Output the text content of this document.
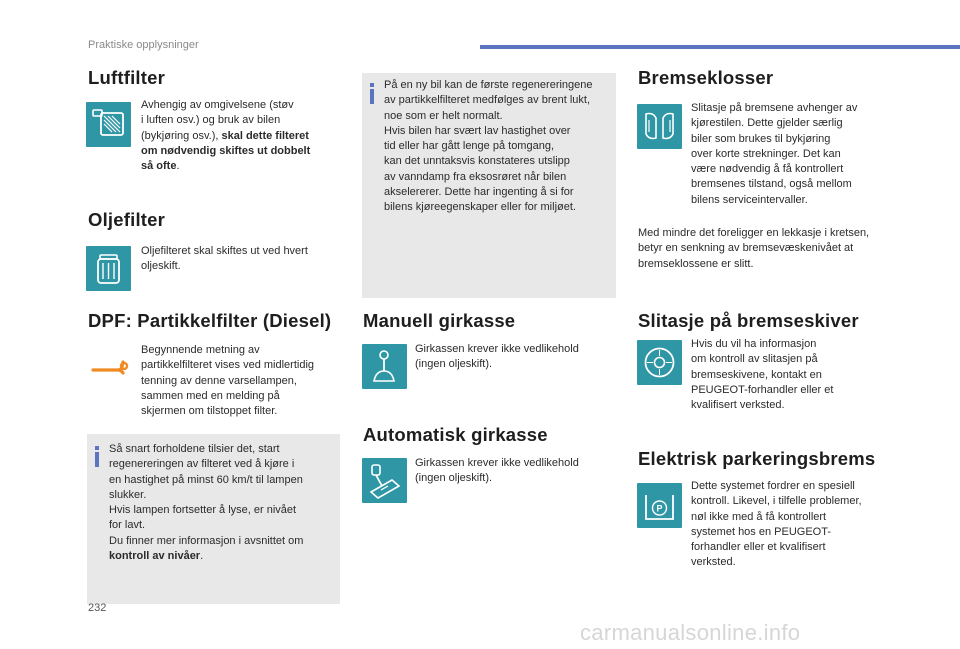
Praktiske opplysninger
Luftfilter
Avhengig av omgivelsene (støv
i luften osv.) og bruk av bilen
(bykjøring osv.), skal dette filteret
om nødvendig skiftes ut dobbelt
så ofte.
Oljefilter
Oljefilteret skal skiftes ut ved hvert
oljeskift.
DPF: Partikkelfilter (Diesel)
Begynnende metning av
partikkelfilteret vises ved midlertidig
tenning av denne varsellampen,
sammen med en melding på
skjermen om tilstoppet filter.
Så snart forholdene tilsier det, start
regenereringen av filteret ved å kjøre i
en hastighet på minst 60 km/t til lampen
slukker.
Hvis lampen fortsetter å lyse, er nivået
for lavt.
Du finner mer informasjon i avsnittet om
kontroll av nivåer.
På en ny bil kan de første regenereringene
av partikkelfilteret medfølges av brent lukt,
noe som er helt normalt.
Hvis bilen har svært lav hastighet over
tid eller har gått lenge på tomgang,
kan det unntaksvis konstateres utslipp
av vanndamp fra eksosrøret når bilen
akselererer. Dette har ingenting å si for
bilens kjøreegenskaper eller for miljøet.
Manuell girkasse
Girkassen krever ikke vedlikehold
(ingen oljeskift).
Automatisk girkasse
Girkassen krever ikke vedlikehold
(ingen oljeskift).
Bremseklosser
Slitasje på bremsene avhenger av
kjørestilen. Dette gjelder særlig
biler som brukes til bykjøring
over korte strekninger. Det kan
være nødvendig å få kontrollert
bremsenes tilstand, også mellom
bilens serviceintervaller.
Med mindre det foreligger en lekkasje i kretsen,
betyr en senkning av bremsevæskenivået at
bremseklossene er slitt.
Slitasje på bremseskiver
Hvis du vil ha informasjon
om kontroll av slitasjen på
bremseskivene, kontakt en
PEUGEOT-forhandler eller et
kvalifisert verksted.
Elektrisk parkeringsbrems
P
Dette systemet fordrer en spesiell
kontroll. Likevel, i tilfelle problemer,
nøl ikke med å få kontrollert
systemet hos en PEUGEOT-
forhandler eller et kvalifisert
verksted.
232
carmanualsonline.info
